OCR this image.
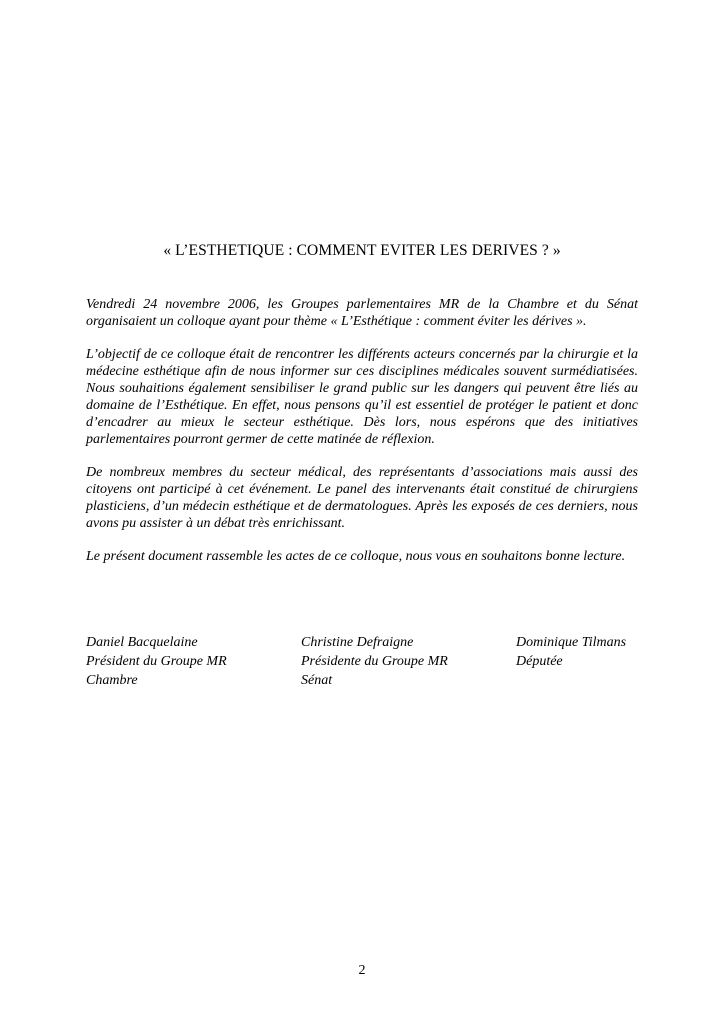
« L’ESTHETIQUE : COMMENT EVITER LES DERIVES ? »

Vendredi 24 novembre 2006, les Groupes parlementaires MR de la Chambre et du Sénat organisaient un colloque ayant pour thème « L’Esthétique : comment éviter les dérives ».

L’objectif de ce colloque était de rencontrer les différents acteurs concernés par la chirurgie et la médecine esthétique afin de nous informer sur ces disciplines médicales souvent surmédiatisées. Nous souhaitions également sensibiliser le grand public sur les dangers qui peuvent être liés au domaine de l’Esthétique. En effet, nous pensons qu’il est essentiel de protéger le patient et donc d’encadrer au mieux le secteur esthétique. Dès lors, nous espérons que des initiatives parlementaires pourront germer de cette matinée de réflexion.

De nombreux membres du secteur médical, des représentants d’associations mais aussi des citoyens ont participé à cet événement. Le panel des intervenants était constitué de chirurgiens plasticiens, d’un médecin esthétique et de dermatologues. Après les exposés de ces derniers, nous avons pu assister à un débat très enrichissant.

Le présent document rassemble les actes de ce colloque, nous vous en souhaitons bonne lecture.

Daniel Bacquelaine
Président du Groupe MR
Chambre
Christine Defraigne
Présidente du Groupe MR
Sénat
Dominique Tilmans
Députée
2
